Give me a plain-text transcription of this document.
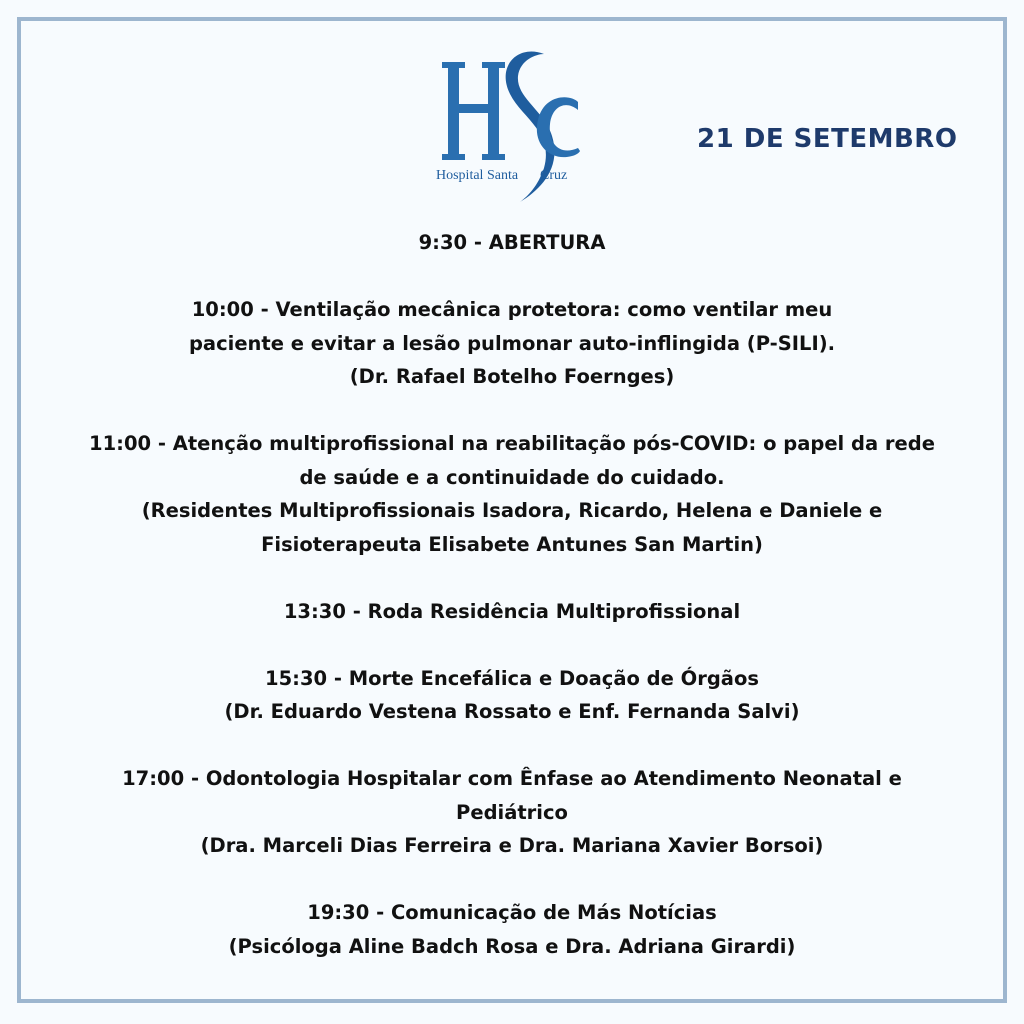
Hospital Santa Cruz
21 DE SETEMBRO
9:30 - ABERTURA
10:00 - Ventilação mecânica protetora: como ventilar meu
paciente e evitar a lesão pulmonar auto-inflingida (P-SILI).
(Dr. Rafael Botelho Foernges)
11:00 - Atenção multiprofissional na reabilitação pós-COVID: o papel da rede
de saúde e a continuidade do cuidado.
(Residentes Multiprofissionais Isadora, Ricardo, Helena e Daniele e
Fisioterapeuta Elisabete Antunes San Martin)
13:30 - Roda Residência Multiprofissional
15:30 - Morte Encefálica e Doação de Órgãos
(Dr. Eduardo Vestena Rossato e Enf. Fernanda Salvi)
17:00 - Odontologia Hospitalar com Ênfase ao Atendimento Neonatal e
Pediátrico
(Dra. Marceli Dias Ferreira e Dra. Mariana Xavier Borsoi)
19:30 - Comunicação de Más Notícias
(Psicóloga Aline Badch Rosa e Dra. Adriana Girardi)
